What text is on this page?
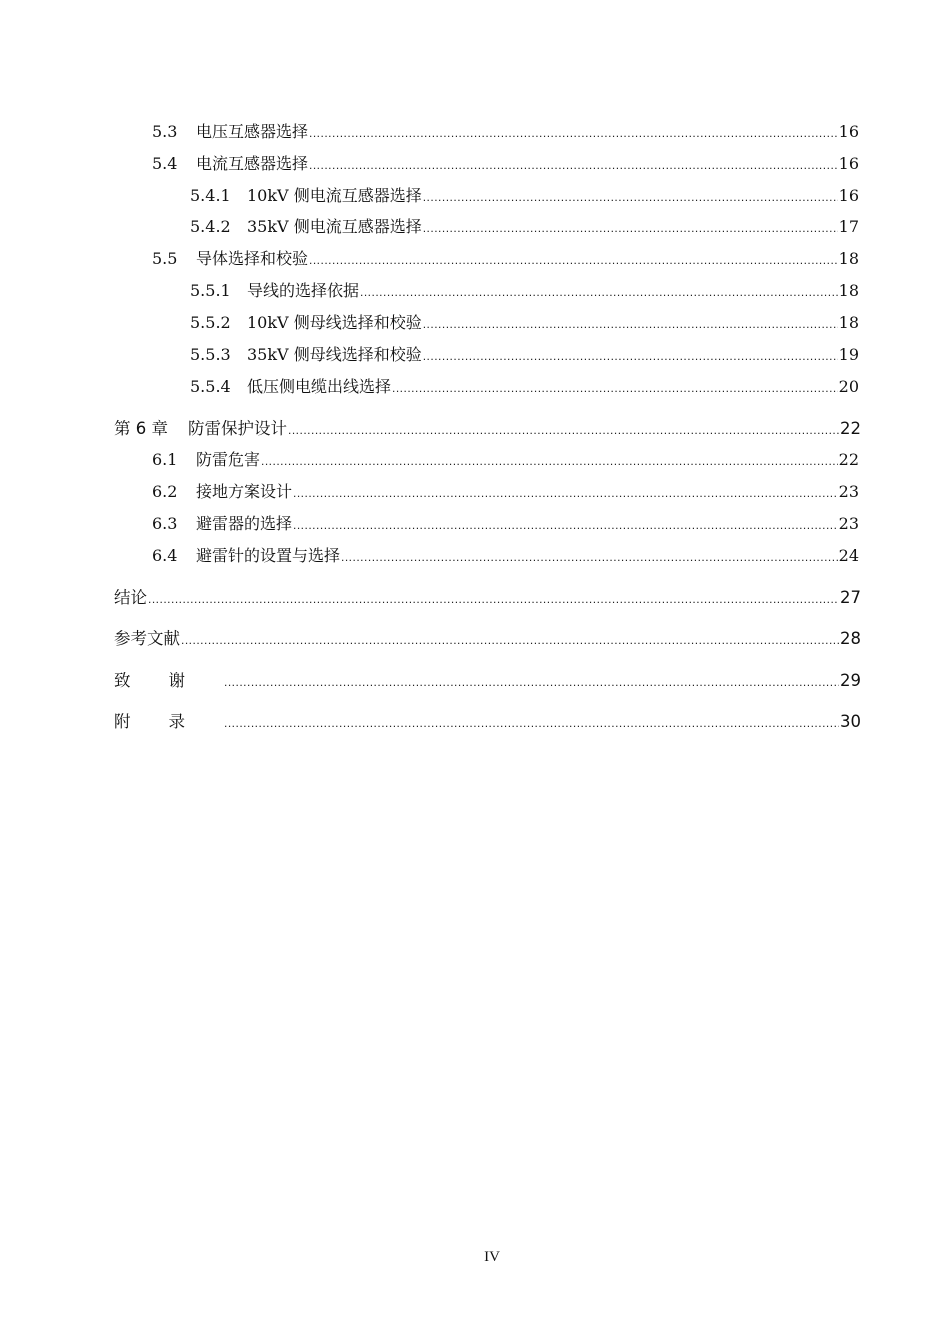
5.3	电压互感器选择 .....	16
5.4	电流互感器选择 .....	16
5.4.1	10kV 侧电流互感器选择 .....	16
5.4.2	35kV 侧电流互感器选择 .....	17
5.5	导体选择和校验 .....	18
5.5.1	导线的选择依据 .....	18
5.5.2	10kV 侧母线选择和校验 .....	18
5.5.3	35kV 侧母线选择和校验 .....	19
5.5.4	低压侧电缆出线选择 .....	20
第 6 章 防雷保护设计 .....	22
6.1	防雷危害 .....	22
6.2	接地方案设计 .....	23
6.3	避雷器的选择 .....	23
6.4	避雷针的设置与选择 .....	24
结论 .....	27
参考文献 .....	28
致谢 .....	29
附录 .....	30
IV
